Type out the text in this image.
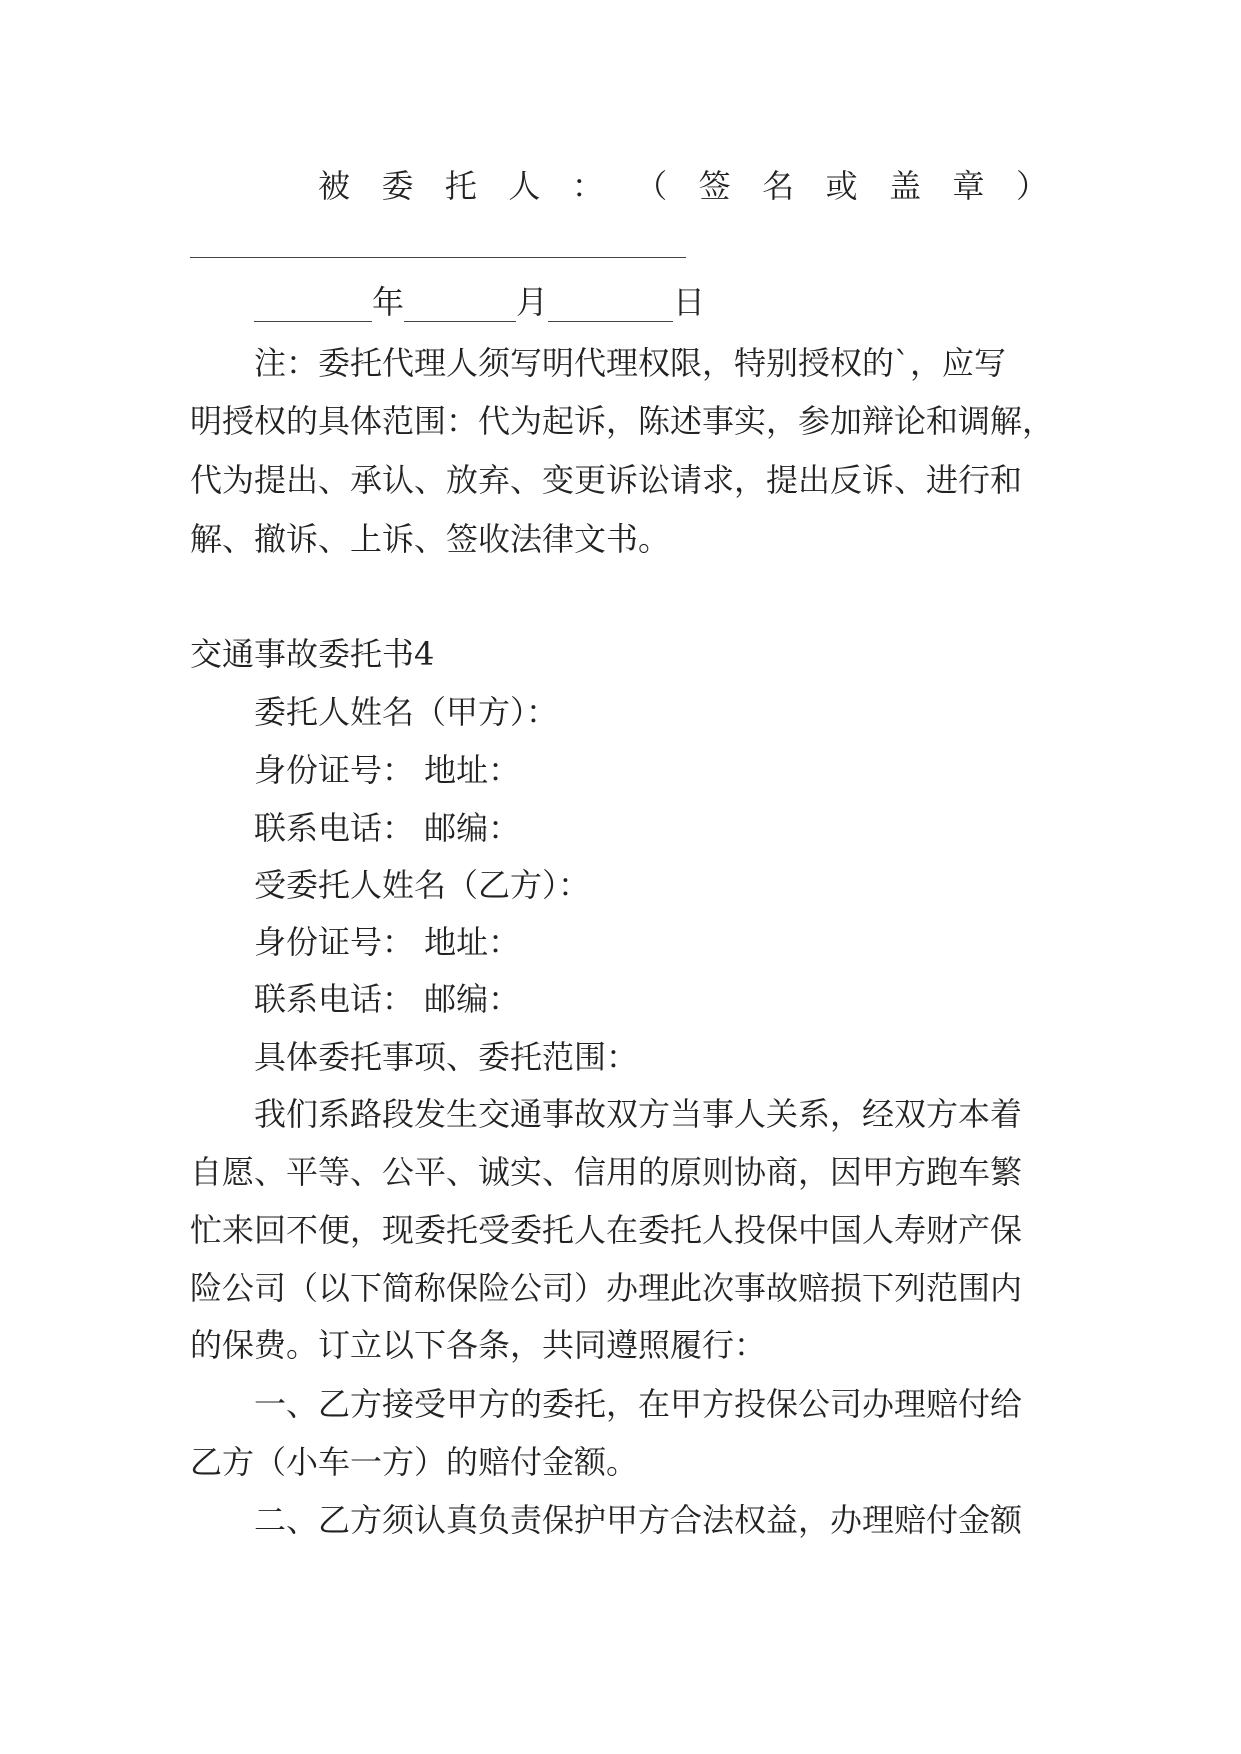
被 委 托 人 ： （ 签 名 或 盖 章 ）
年	月	日
注：委托代理人须写明代理权限，特别授权的`，应写
明授权的具体范围：代为起诉，陈述事实，参加辩论和调解，
代为提出、承认、放弃、变更诉讼请求，提出反诉、进行和
解、撤诉、上诉、签收法律文书。
交通事故委托书4
委托人姓名（甲方）：
身份证号： 地址：
联系电话： 邮编：
受委托人姓名（乙方）：
身份证号： 地址：
联系电话： 邮编：
具体委托事项、委托范围：
我们系路段发生交通事故双方当事人关系，经双方本着
自愿、平等、公平、诚实、信用的原则协商，因甲方跑车繁
忙来回不便，现委托受委托人在委托人投保中国人寿财产保
险公司（以下简称保险公司）办理此次事故赔损下列范围内
的保费。订立以下各条，共同遵照履行：
一、乙方接受甲方的委托，在甲方投保公司办理赔付给
乙方（小车一方）的赔付金额。
二、乙方须认真负责保护甲方合法权益，办理赔付金额
